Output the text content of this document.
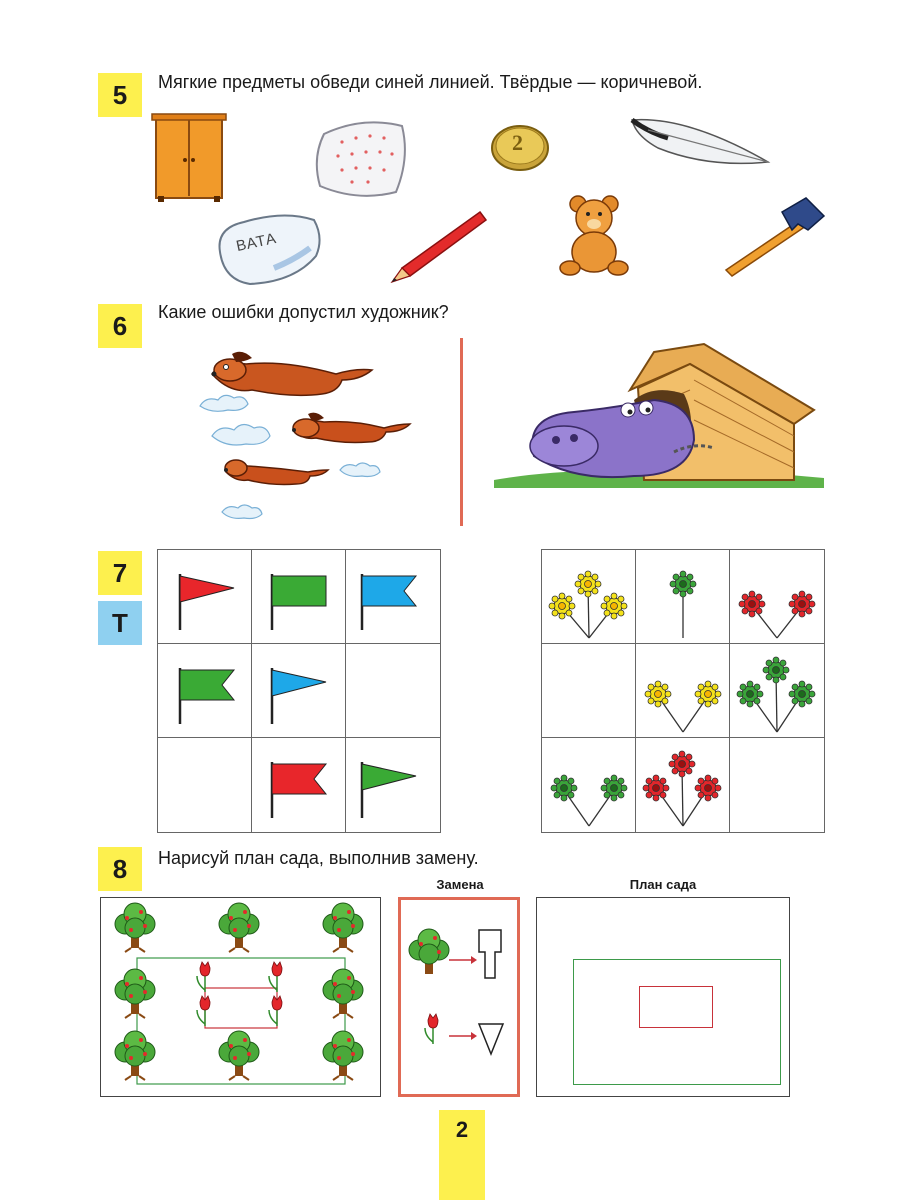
5	Мягкие предметы обведи синей линией. Твёрдые — коричневой.
2
ВАТА
6	Какие ошибки допустил художник?
7
Т
8	Нарисуй план сада, выполнив замену.
Замена	План сада
2
